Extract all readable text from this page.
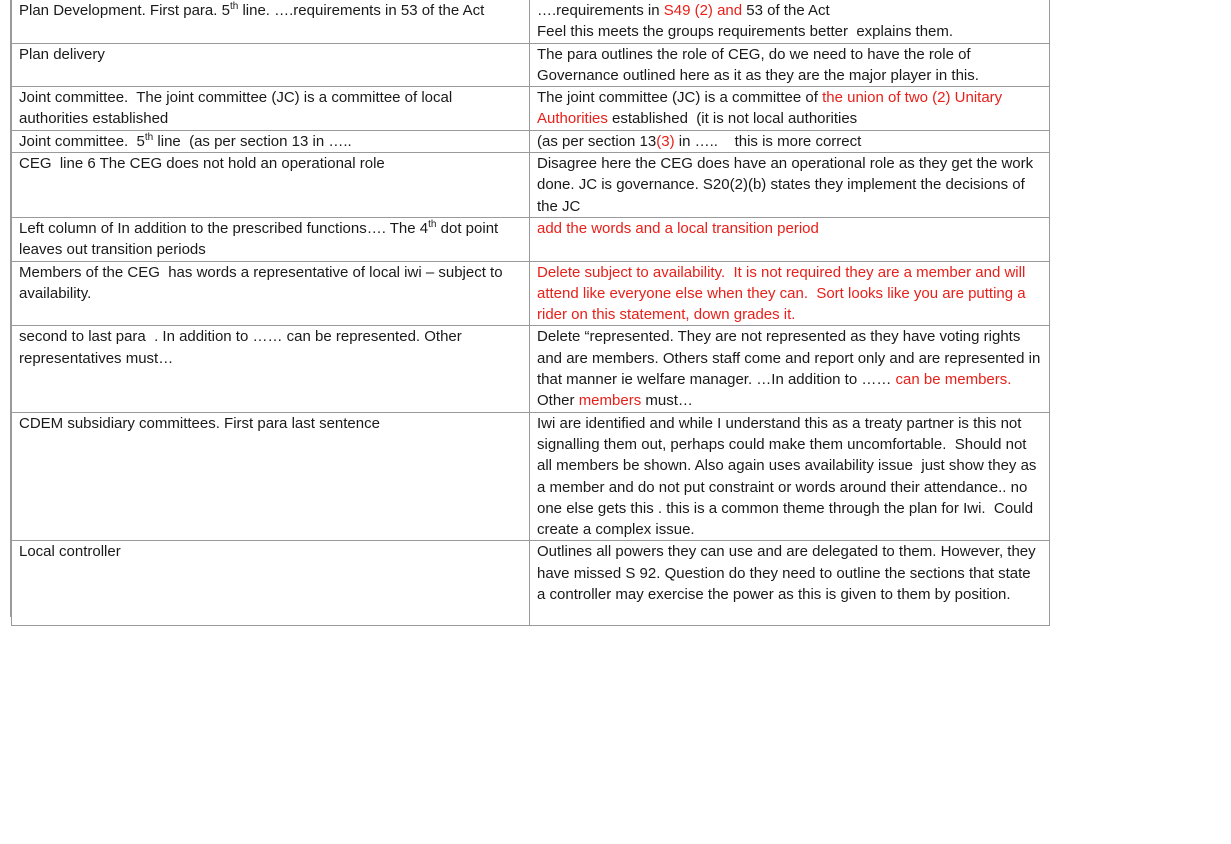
Plan Development. First para. 5th line. ….requirements in 53 of the Act	….requirements in S49 (2) and 53 of the Act
Feel this meets the groups requirements better  explains them.
Plan delivery	The para outlines the role of CEG, do we need to have the role of Governance outlined here as it as they are the major player in this.
Joint committee.  The joint committee (JC) is a committee of local authorities established	The joint committee (JC) is a committee of the union of two (2) Unitary Authorities established  (it is not local authorities
Joint committee.  5th line  (as per section 13 in …..	(as per section 13(3) in …..    this is more correct
CEG  line 6 The CEG does not hold an operational role	Disagree here the CEG does have an operational role as they get the work done. JC is governance. S20(2)(b) states they implement the decisions of the JC
Left column of In addition to the prescribed functions…. The 4th dot point leaves out transition periods	add the words and a local transition period
Members of the CEG  has words a representative of local iwi – subject to availability.	Delete subject to availability.  It is not required they are a member and will attend like everyone else when they can.  Sort looks like you are putting a rider on this statement, down grades it.
second to last para  . In addition to …… can be represented. Other representatives must…	Delete “represented. They are not represented as they have voting rights and are members. Others staff come and report only and are represented in that manner ie welfare manager. …In addition to …… can be members. Other members must…
CDEM subsidiary committees. First para last sentence	Iwi are identified and while I understand this as a treaty partner is this not signalling them out, perhaps could make them uncomfortable.  Should not all members be shown. Also again uses availability issue  just show they as a member and do not put constraint or words around their attendance.. no one else gets this . this is a common theme through the plan for Iwi.  Could create a complex issue.
Local controller	Outlines all powers they can use and are delegated to them. However, they have missed S 92. Question do they need to outline the sections that state a controller may exercise the power as this is given to them by position.
